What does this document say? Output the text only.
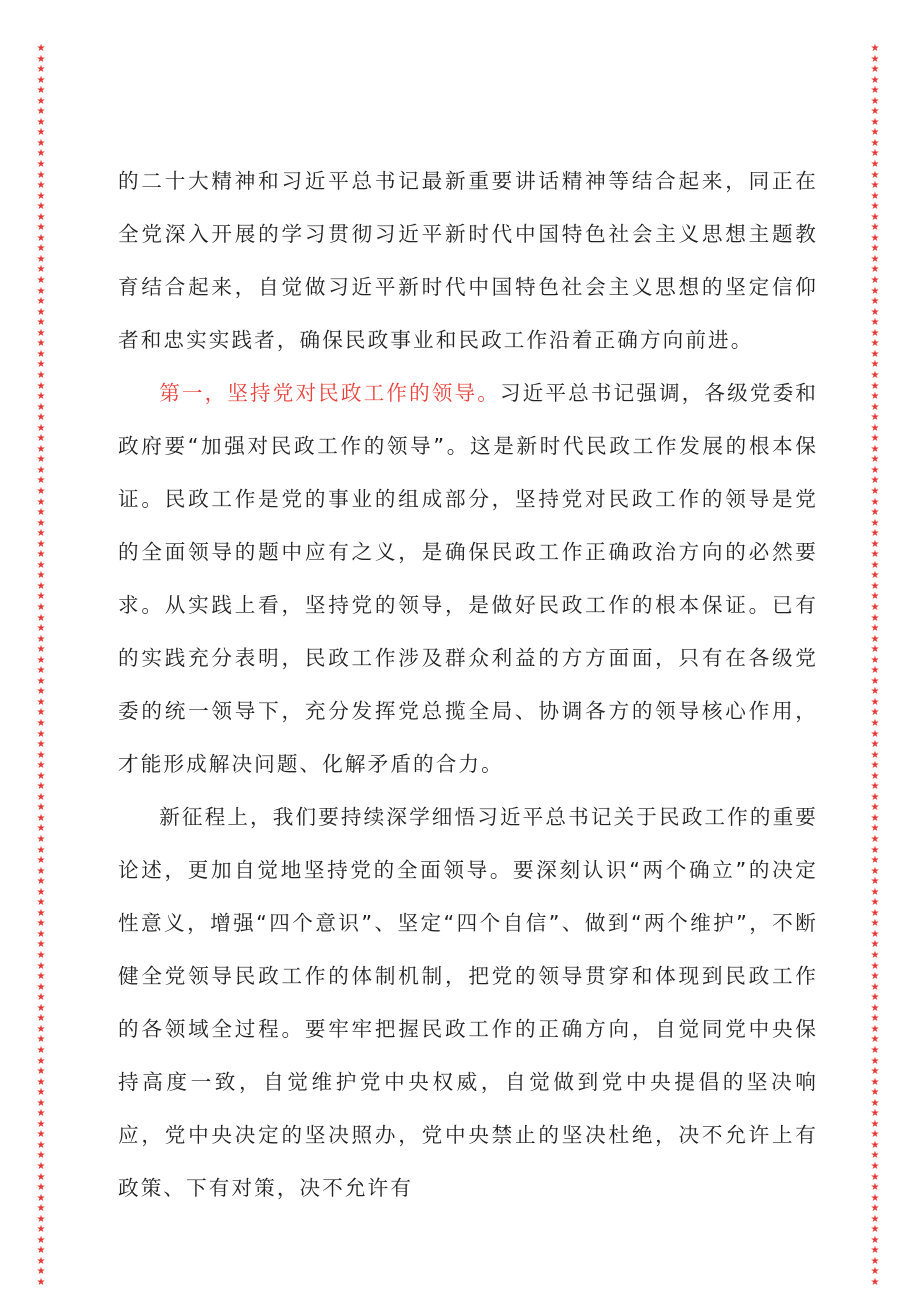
★★★★★★★★★★★★★★★★★★★★★★★★★★★★★★★★★★★★★★★★★★★★★★★★★★★★★★★★★★★★★★★★★★★★★★★★★★★★★★★★★★★★★★★★★★★★★★★★★★★★★★★★★★★★★★★★★★★★★★
★★★★★★★★★★★★★★★★★★★★★★★★★★★★★★★★★★★★★★★★★★★★★★★★★★★★★★★★★★★★★★★★★★★★★★★★★★★★★★★★★★★★★★★★★★★★★★★★★★★★★★★★★★★★★★★★★★★★★★

的二十大精神和习近平总书记最新重要讲话精神等结合起来，同正在全党深入开展的学习贯彻习近平新时代中国特色社会主义思想主题教育结合起来，自觉做习近平新时代中国特色社会主义思想的坚定信仰者和忠实实践者，确保民政事业和民政工作沿着正确方向前进。

第一，坚持党对民政工作的领导。习近平总书记强调，各级党委和政府要“加强对民政工作的领导”。这是新时代民政工作发展的根本保证。民政工作是党的事业的组成部分，坚持党对民政工作的领导是党的全面领导的题中应有之义，是确保民政工作正确政治方向的必然要求。从实践上看，坚持党的领导，是做好民政工作的根本保证。已有的实践充分表明，民政工作涉及群众利益的方方面面，只有在各级党委的统一领导下，充分发挥党总揽全局、协调各方的领导核心作用，才能形成解决问题、化解矛盾的合力。

新征程上，我们要持续深学细悟习近平总书记关于民政工作的重要论述，更加自觉地坚持党的全面领导。要深刻认识“两个确立”的决定性意义，增强“四个意识”、坚定“四个自信”、做到“两个维护”，不断健全党领导民政工作的体制机制，把党的领导贯穿和体现到民政工作的各领域全过程。要牢牢把握民政工作的正确方向，自觉同党中央保持高度一致，自觉维护党中央权威，自觉做到党中央提倡的坚决响应，党中央决定的坚决照办，党中央禁止的坚决杜绝，决不允许上有政策、下有对策，决不允许有
